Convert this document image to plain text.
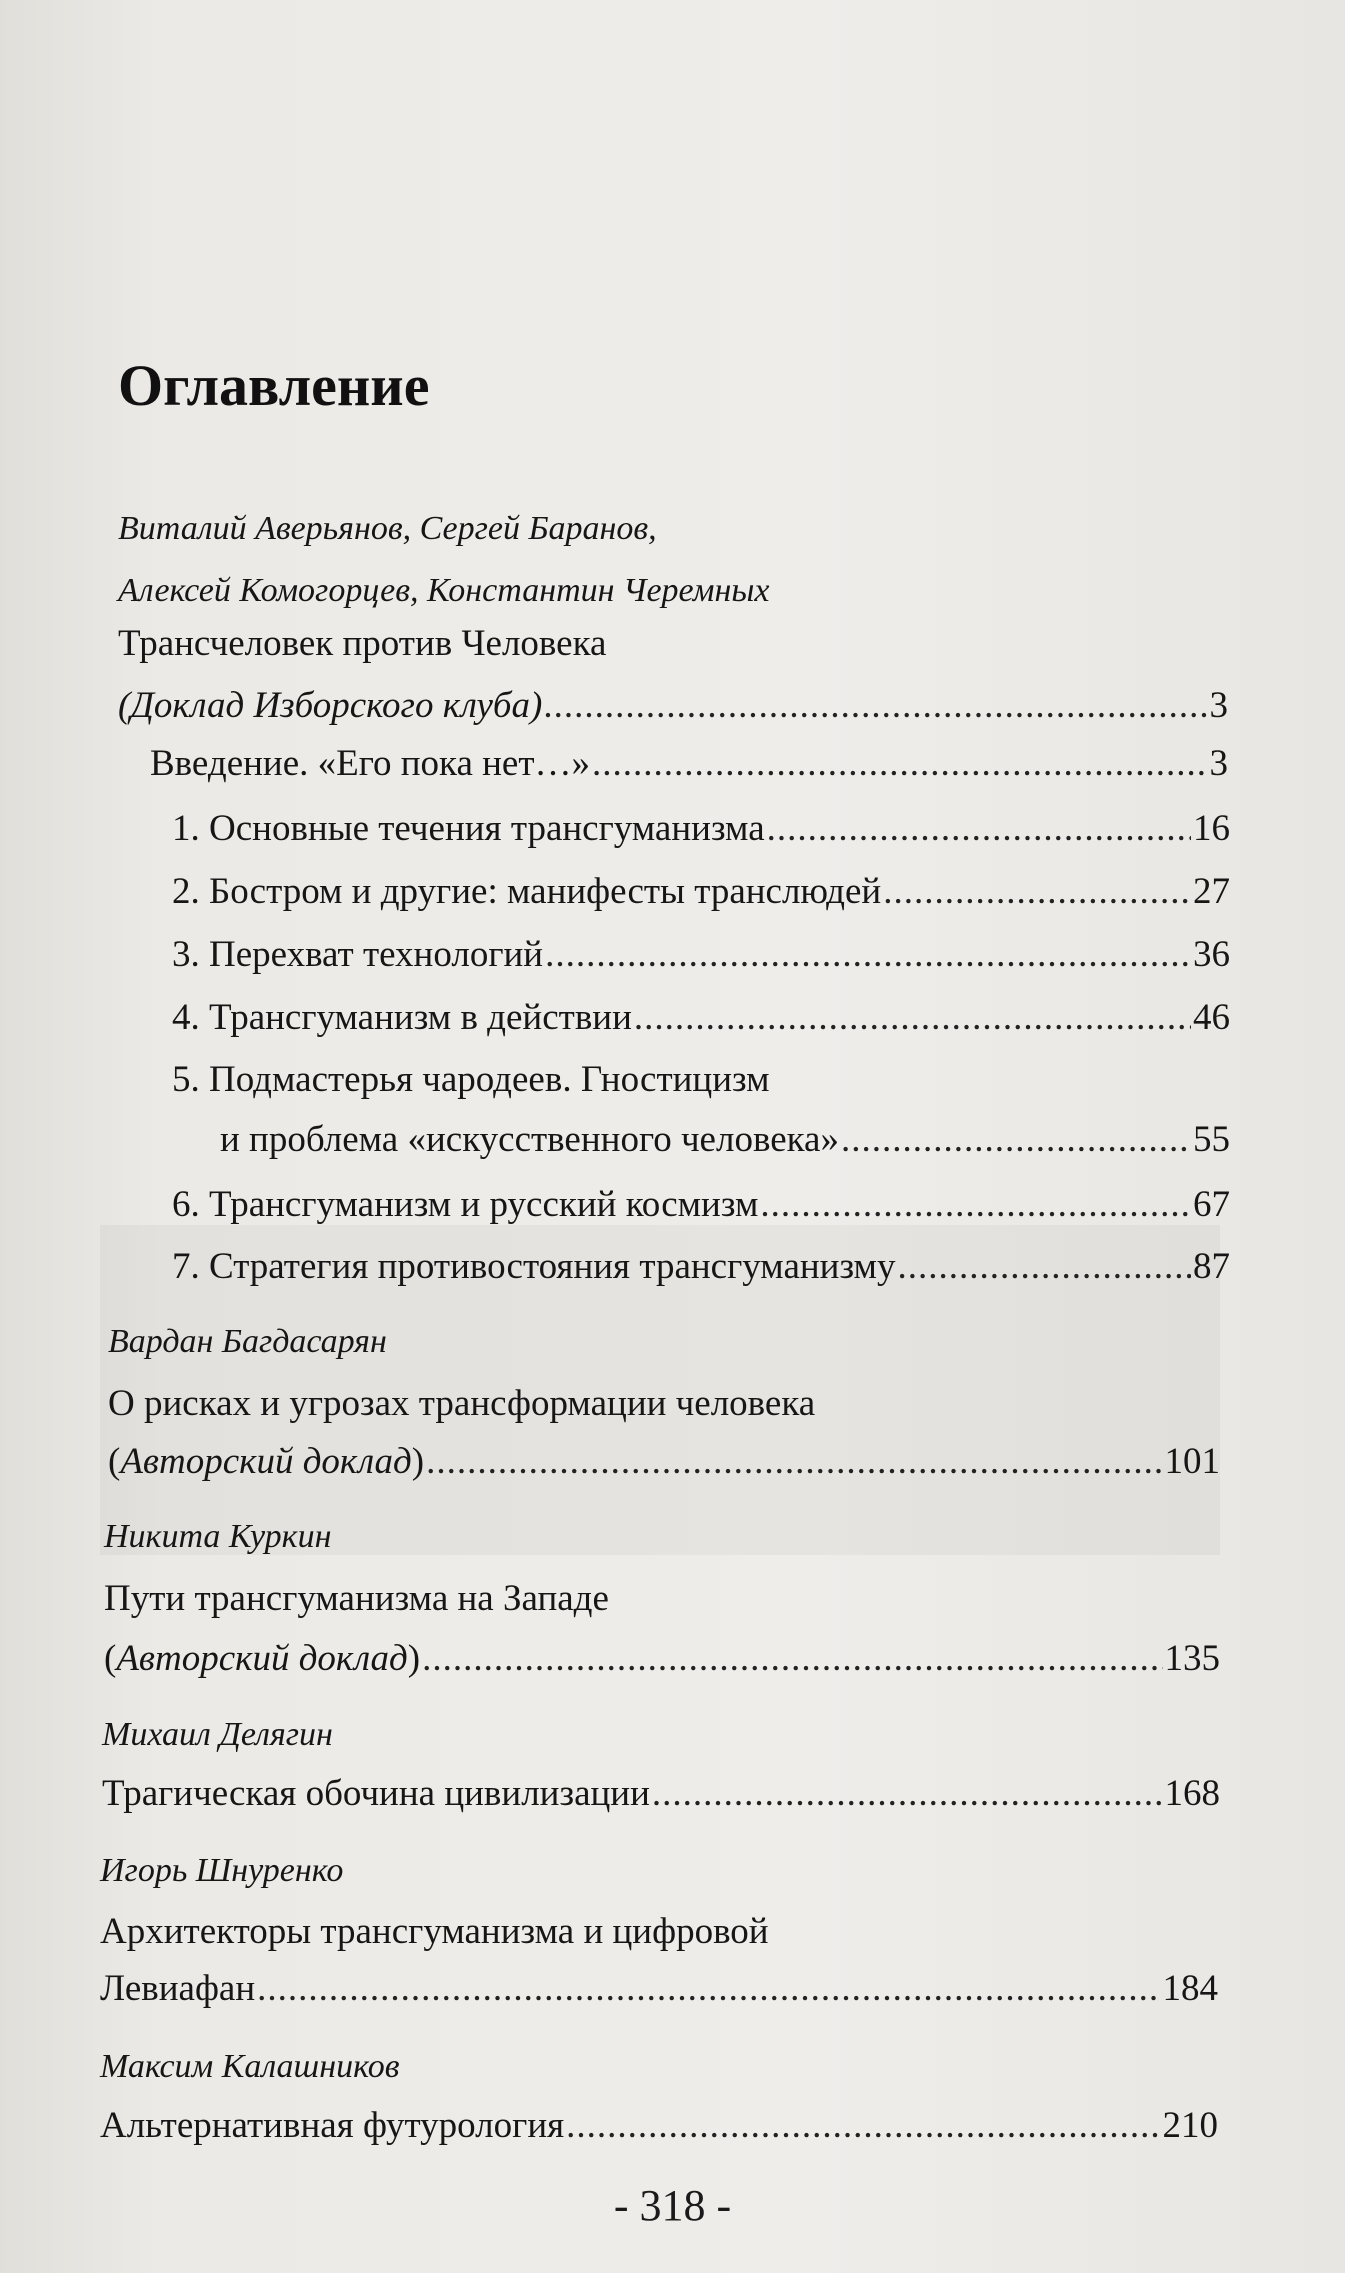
Оглавление
Виталий Аверьянов, Сергей Баранов,
Алексей Комогорцев, Константин Черемных
Трансчеловек против Человека
(Доклад Изборского клуба) .....	3
Введение. «Его пока нет…» .....	3
1. Основные течения трансгуманизма .....	16
2. Бостром и другие: манифесты транслюдей .....	27
3. Перехват технологий .....	36
4. Трансгуманизм в действии .....	46
5. Подмастерья чародеев. Гностицизм
и проблема «искусственного человека» .....	55
6. Трансгуманизм и русский космизм .....	67
7. Стратегия противостояния трансгуманизму .....	87
Вардан Багдасарян
О рисках и угрозах трансформации человека
(Авторский доклад) .....	101
Никита Куркин
Пути трансгуманизма на Западе
(Авторский доклад) .....	135
Михаил Делягин
Трагическая обочина цивилизации .....	168
Игорь Шнуренко
Архитекторы трансгуманизма и цифровой
Левиафан .....	184
Максим Калашников
Альтернативная футурология .....	210
- 318 -
